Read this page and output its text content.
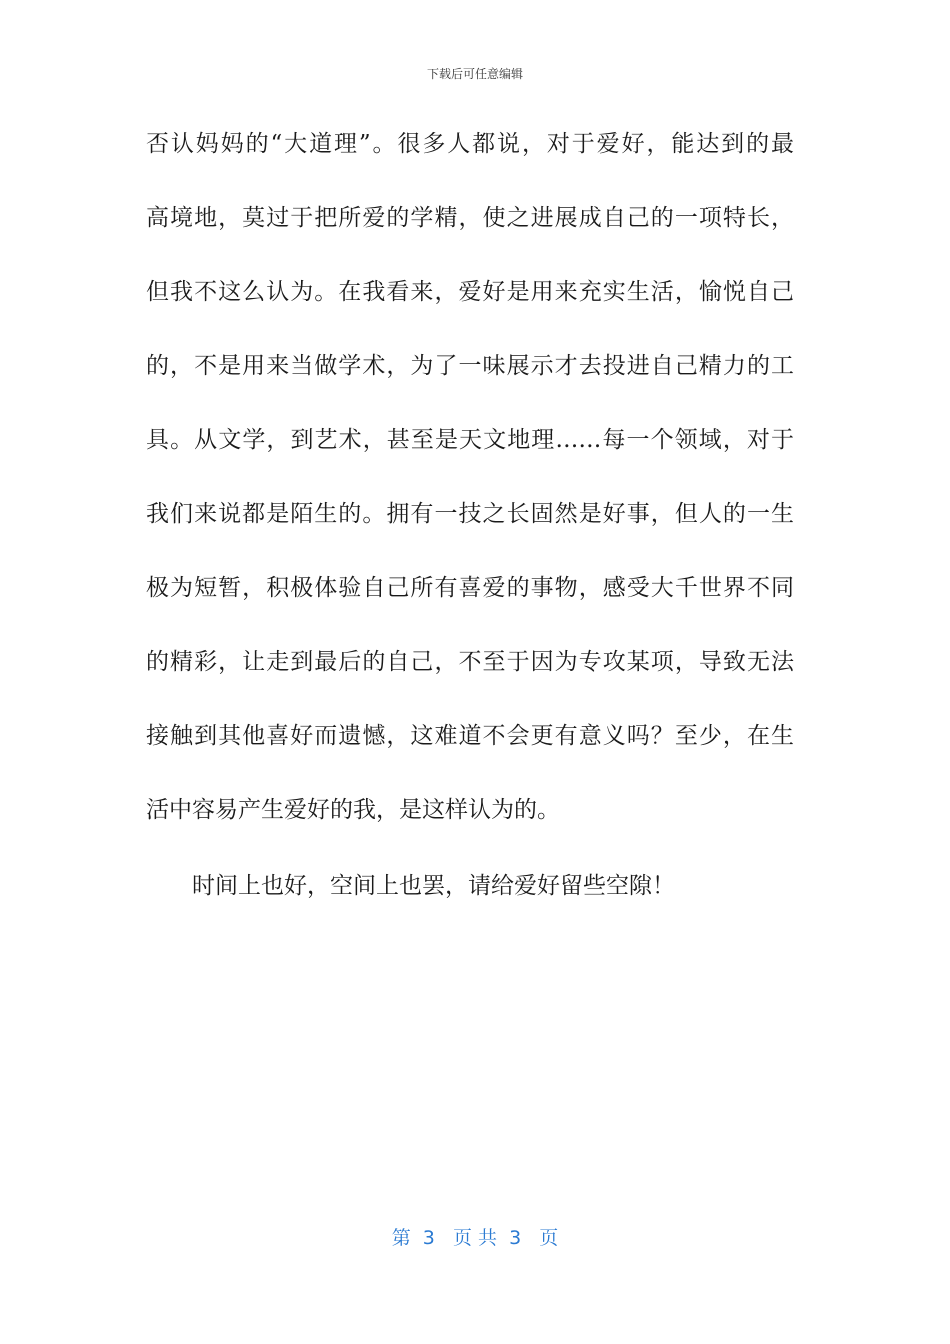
下载后可任意编辑
否认妈妈的“大道理”。很多人都说，对于爱好，能达到的最
高境地，莫过于把所爱的学精，使之进展成自己的一项特长，
但我不这么认为。在我看来，爱好是用来充实生活，愉悦自己
的，不是用来当做学术，为了一味展示才去投进自己精力的工
具。从文学，到艺术，甚至是天文地理……每一个领域，对于
我们来说都是陌生的。拥有一技之长固然是好事，但人的一生
极为短暂，积极体验自己所有喜爱的事物，感受大千世界不同
的精彩，让走到最后的自己，不至于因为专攻某项，导致无法
接触到其他喜好而遗憾，这难道不会更有意义吗？至少，在生
活中容易产生爱好的我，是这样认为的。
时间上也好，空间上也罢，请给爱好留些空隙！
第  3   页 共  3   页
